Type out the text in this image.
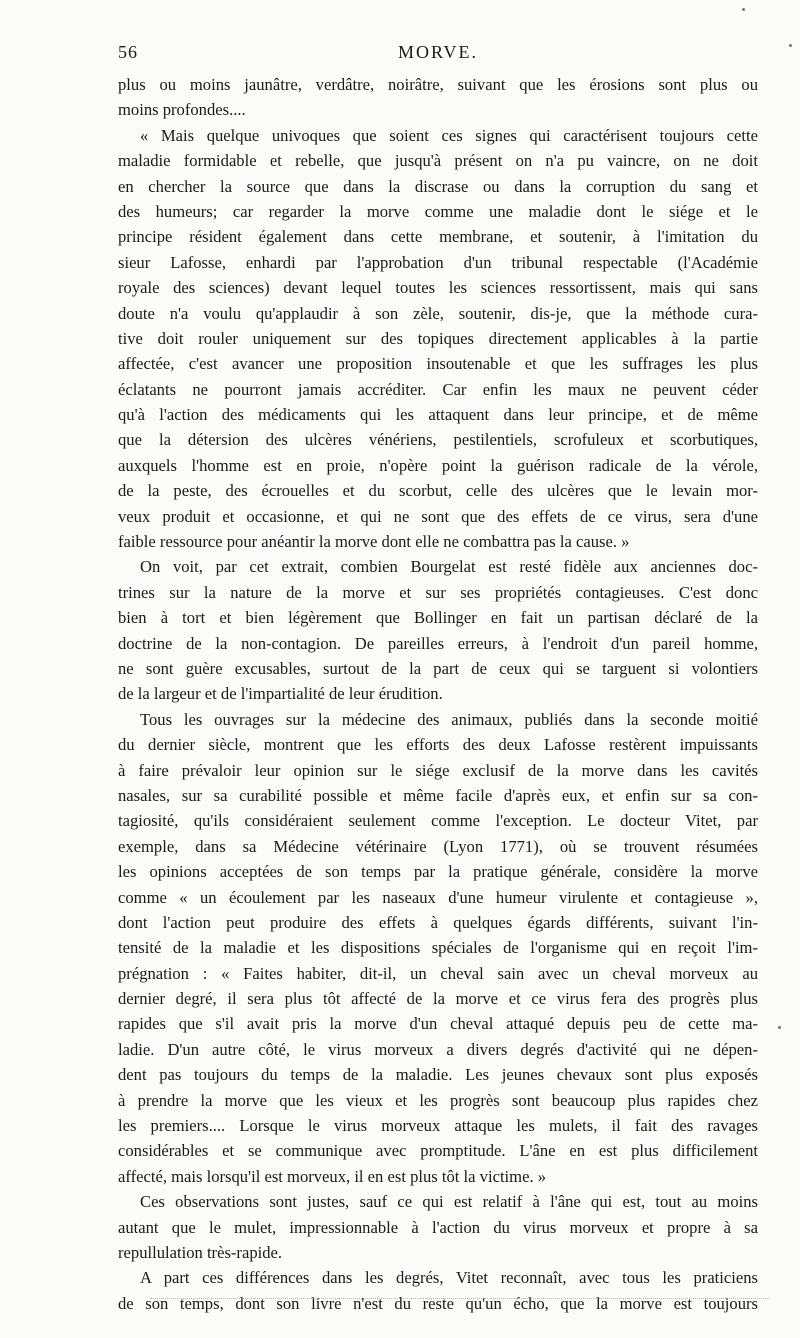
56	MORVE.
plus ou moins jaunâtre, verdâtre, noirâtre, suivant que les érosions sont plus ou
moins profondes....
« Mais quelque univoques que soient ces signes qui caractérisent toujours cette
maladie formidable et rebelle, que jusqu'à présent on n'a pu vaincre, on ne doit
en chercher la source que dans la discrase ou dans la corruption du sang et
des humeurs; car regarder la morve comme une maladie dont le siége et le
principe résident également dans cette membrane, et soutenir, à l'imitation du
sieur Lafosse, enhardi par l'approbation d'un tribunal respectable (l'Académie
royale des sciences) devant lequel toutes les sciences ressortissent, mais qui sans
doute n'a voulu qu'applaudir à son zèle, soutenir, dis-je, que la méthode cura-
tive doit rouler uniquement sur des topiques directement applicables à la partie
affectée, c'est avancer une proposition insoutenable et que les suffrages les plus
éclatants ne pourront jamais accréditer. Car enfin les maux ne peuvent céder
qu'à l'action des médicaments qui les attaquent dans leur principe, et de même
que la détersion des ulcères vénériens, pestilentiels, scrofuleux et scorbutiques,
auxquels l'homme est en proie, n'opère point la guérison radicale de la vérole,
de la peste, des écrouelles et du scorbut, celle des ulcères que le levain mor-
veux produit et occasionne, et qui ne sont que des effets de ce virus, sera d'une
faible ressource pour anéantir la morve dont elle ne combattra pas la cause. »
On voit, par cet extrait, combien Bourgelat est resté fidèle aux anciennes doc-
trines sur la nature de la morve et sur ses propriétés contagieuses. C'est donc
bien à tort et bien légèrement que Bollinger en fait un partisan déclaré de la
doctrine de la non-contagion. De pareilles erreurs, à l'endroit d'un pareil homme,
ne sont guère excusables, surtout de la part de ceux qui se targuent si volontiers
de la largeur et de l'impartialité de leur érudition.
Tous les ouvrages sur la médecine des animaux, publiés dans la seconde moitié
du dernier siècle, montrent que les efforts des deux Lafosse restèrent impuissants
à faire prévaloir leur opinion sur le siége exclusif de la morve dans les cavités
nasales, sur sa curabilité possible et même facile d'après eux, et enfin sur sa con-
tagiosité, qu'ils considéraient seulement comme l'exception. Le docteur Vitet, par
exemple, dans sa Médecine vétérinaire (Lyon 1771), où se trouvent résumées
les opinions acceptées de son temps par la pratique générale, considère la morve
comme « un écoulement par les naseaux d'une humeur virulente et contagieuse »,
dont l'action peut produire des effets à quelques égards différents, suivant l'in-
tensité de la maladie et les dispositions spéciales de l'organisme qui en reçoit l'im-
prégnation : « Faites habiter, dit-il, un cheval sain avec un cheval morveux au
dernier degré, il sera plus tôt affecté de la morve et ce virus fera des progrès plus
rapides que s'il avait pris la morve d'un cheval attaqué depuis peu de cette ma-
ladie. D'un autre côté, le virus morveux a divers degrés d'activité qui ne dépen-
dent pas toujours du temps de la maladie. Les jeunes chevaux sont plus exposés
à prendre la morve que les vieux et les progrès sont beaucoup plus rapides chez
les premiers.... Lorsque le virus morveux attaque les mulets, il fait des ravages
considérables et se communique avec promptitude. L'âne en est plus difficilement
affecté, mais lorsqu'il est morveux, il en est plus tôt la victime. »
Ces observations sont justes, sauf ce qui est relatif à l'âne qui est, tout au moins
autant que le mulet, impressionnable à l'action du virus morveux et propre à sa
repullulation très-rapide.
A part ces différences dans les degrés, Vitet reconnaît, avec tous les praticiens
de son temps, dont son livre n'est du reste qu'un écho, que la morve est toujours
